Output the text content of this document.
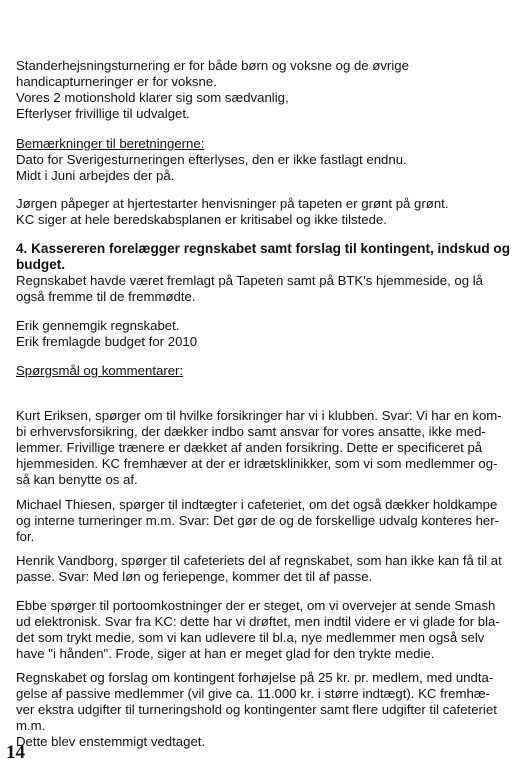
Standerhejsningsturnering er for både børn og voksne og de øvrige
handicapturneringer er for voksne.
Vores 2 motionshold klarer sig som sædvanlig,
Efterlyser frivillige til udvalget.

Bemærkninger til beretningerne:

Dato for Sverigesturneringen efterlyses, den er ikke fastlagt endnu.
Midt i Juni arbejdes der på.

Jørgen påpeger at hjertestarter henvisninger på tapeten er grønt på grønt.
KC siger at hele beredskabsplanen er kritisabel og ikke tilstede.

4. Kassereren forelægger regnskabet samt forslag til kontingent, indskud og
budget.

Regnskabet havde været fremlagt på Tapeten samt på BTK's hjemmeside, og lå
også fremme til de fremmødte.

Erik gennemgik regnskabet.
Erik fremlagde budget for 2010

Spørgsmål og kommentarer:

Kurt Eriksen, spørger om til hvilke forsikringer har vi i klubben. Svar: Vi har en kom-
bi erhvervsforsikring, der dækker indbo samt ansvar for vores ansatte, ikke med-
lemmer. Frivillige trænere er dækket af anden forsikring. Dette er specificeret på
hjemmesiden. KC fremhæver at der er idrætsklinikker, som vi som medlemmer og-
så kan benytte os af.

Michael Thiesen, spørger til indtægter i cafeteriet, om det også dækker holdkampe
og interne turneringer m.m. Svar: Det gør de og de forskellige udvalg konteres her-
for.

Henrik Vandborg, spørger til cafeteriets del af regnskabet, som han ikke kan få til at
passe. Svar: Med løn og feriepenge, kommer det til af passe.

Ebbe spørger til portoomkostninger der er steget, om vi overvejer at sende Smash
ud elektronisk. Svar fra KC: dette har vi drøftet, men indtil videre er vi glade for bla-
det som trykt medie, som vi kan udlevere til bl.a, nye medlemmer men også selv
have "i hånden". Frode, siger at han er meget glad for den trykte medie.

Regnskabet og forslag om kontingent forhøjelse på 25 kr. pr. medlem, med undta-
gelse af passive medlemmer (vil give ca. 11.000 kr. i større indtægt). KC fremhæ-
ver ekstra udgifter til turneringshold og kontingenter samt flere udgifter til cafeteriet
m.m.
Dette blev enstemmigt vedtaget.

14
